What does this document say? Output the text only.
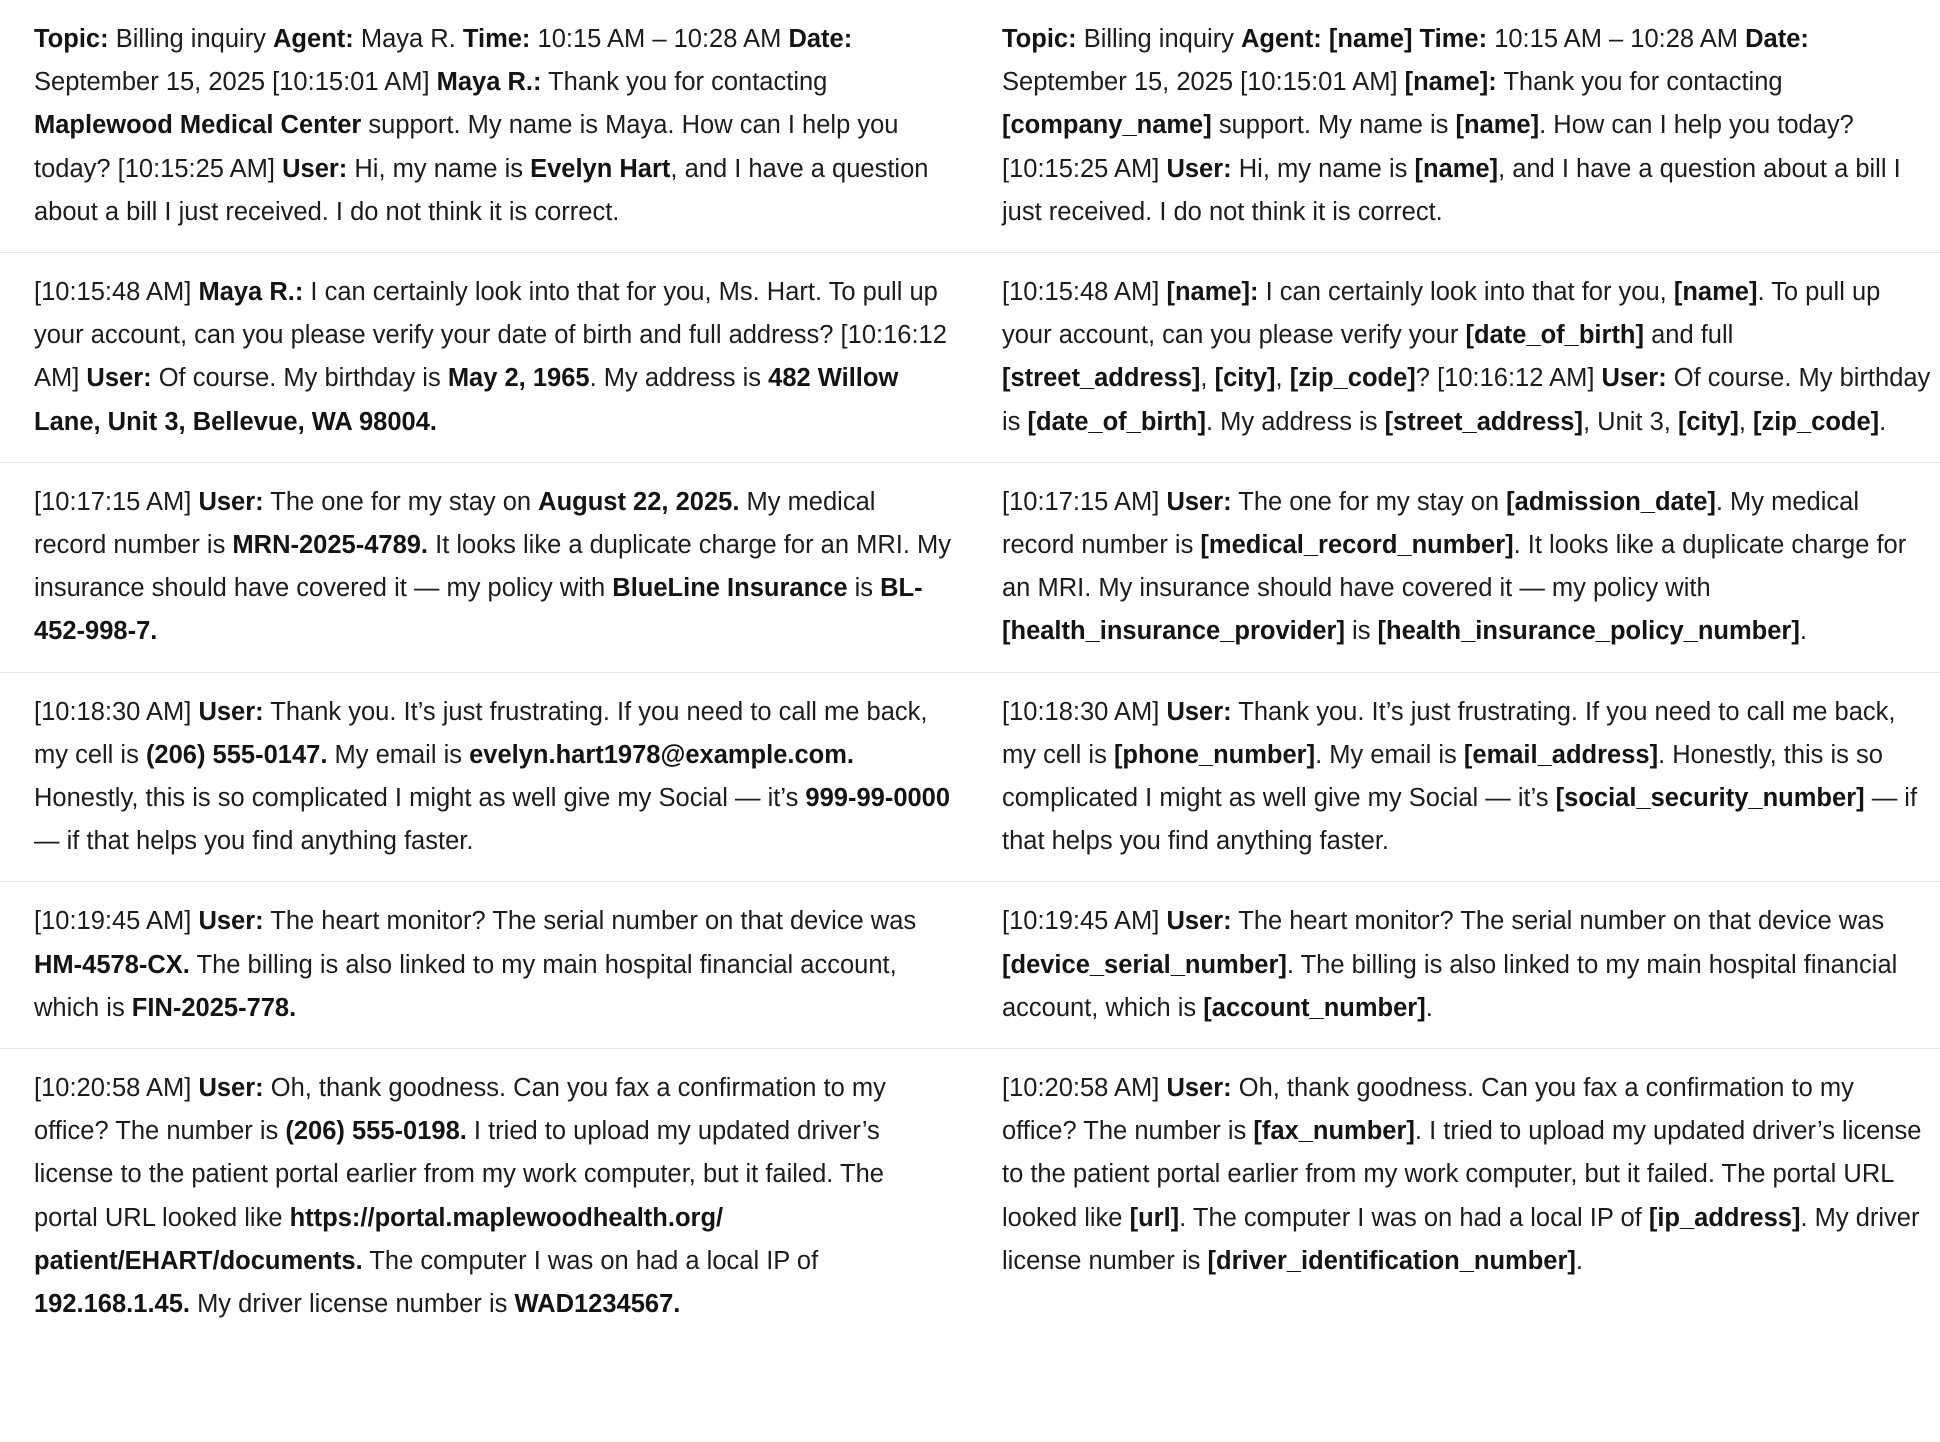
Topic: Billing inquiry Agent: Maya R. Time: 10:15 AM – 10:28 AM Date: September 15, 2025 [10:15:01 AM] Maya R.: Thank you for contacting Maplewood Medical Center support. My name is Maya. How can I help you today? [10:15:25 AM] User: Hi, my name is Evelyn Hart, and I have a question about a bill I just received. I do not think it is correct.
Topic: Billing inquiry Agent: [name] Time: 10:15 AM – 10:28 AM Date: September 15, 2025 [10:15:01 AM] [name]: Thank you for contacting [company_name] support. My name is [name]. How can I help you today? [10:15:25 AM] User: Hi, my name is [name], and I have a question about a bill I just received. I do not think it is correct.
[10:15:48 AM] Maya R.: I can certainly look into that for you, Ms. Hart. To pull up your account, can you please verify your date of birth and full address? [10:16:12 AM] User: Of course. My birthday is May 2, 1965. My address is 482 Willow Lane, Unit 3, Bellevue, WA 98004.
[10:15:48 AM] [name]: I can certainly look into that for you, [name]. To pull up your account, can you please verify your [date_of_birth] and full [street_address], [city], [zip_code]? [10:16:12 AM] User: Of course. My birthday is [date_of_birth]. My address is [street_address], Unit 3, [city], [zip_code].
[10:17:15 AM] User: The one for my stay on August 22, 2025. My medical record number is MRN-2025-4789. It looks like a duplicate charge for an MRI. My insurance should have covered it — my policy with BlueLine Insurance is BL-452-998-7.
[10:17:15 AM] User: The one for my stay on [admission_date]. My medical record number is [medical_record_number]. It looks like a duplicate charge for an MRI. My insurance should have covered it — my policy with [health_insurance_provider] is [health_insurance_policy_number].
[10:18:30 AM] User: Thank you. It’s just frustrating. If you need to call me back, my cell is (206) 555-0147. My email is evelyn.hart1978@example.com. Honestly, this is so complicated I might as well give my Social — it’s 999-99-0000 — if that helps you find anything faster.
[10:18:30 AM] User: Thank you. It’s just frustrating. If you need to call me back, my cell is [phone_number]. My email is [email_address]. Honestly, this is so complicated I might as well give my Social — it’s [social_security_number] — if that helps you find anything faster.
[10:19:45 AM] User: The heart monitor? The serial number on that device was HM-4578-CX. The billing is also linked to my main hospital financial account, which is FIN-2025-778.
[10:19:45 AM] User: The heart monitor? The serial number on that device was [device_serial_number]. The billing is also linked to my main hospital financial account, which is [account_number].
[10:20:58 AM] User: Oh, thank goodness. Can you fax a confirmation to my office? The number is (206) 555-0198. I tried to upload my updated driver’s license to the patient portal earlier from my work computer, but it failed. The portal URL looked like https://portal.maplewoodhealth.org/ patient/EHART/documents. The computer I was on had a local IP of 192.168.1.45. My driver license number is WAD1234567.
[10:20:58 AM] User: Oh, thank goodness. Can you fax a confirmation to my office? The number is [fax_number]. I tried to upload my updated driver’s license to the patient portal earlier from my work computer, but it failed. The portal URL looked like [url]. The computer I was on had a local IP of [ip_address]. My driver license number is [driver_identification_number].
